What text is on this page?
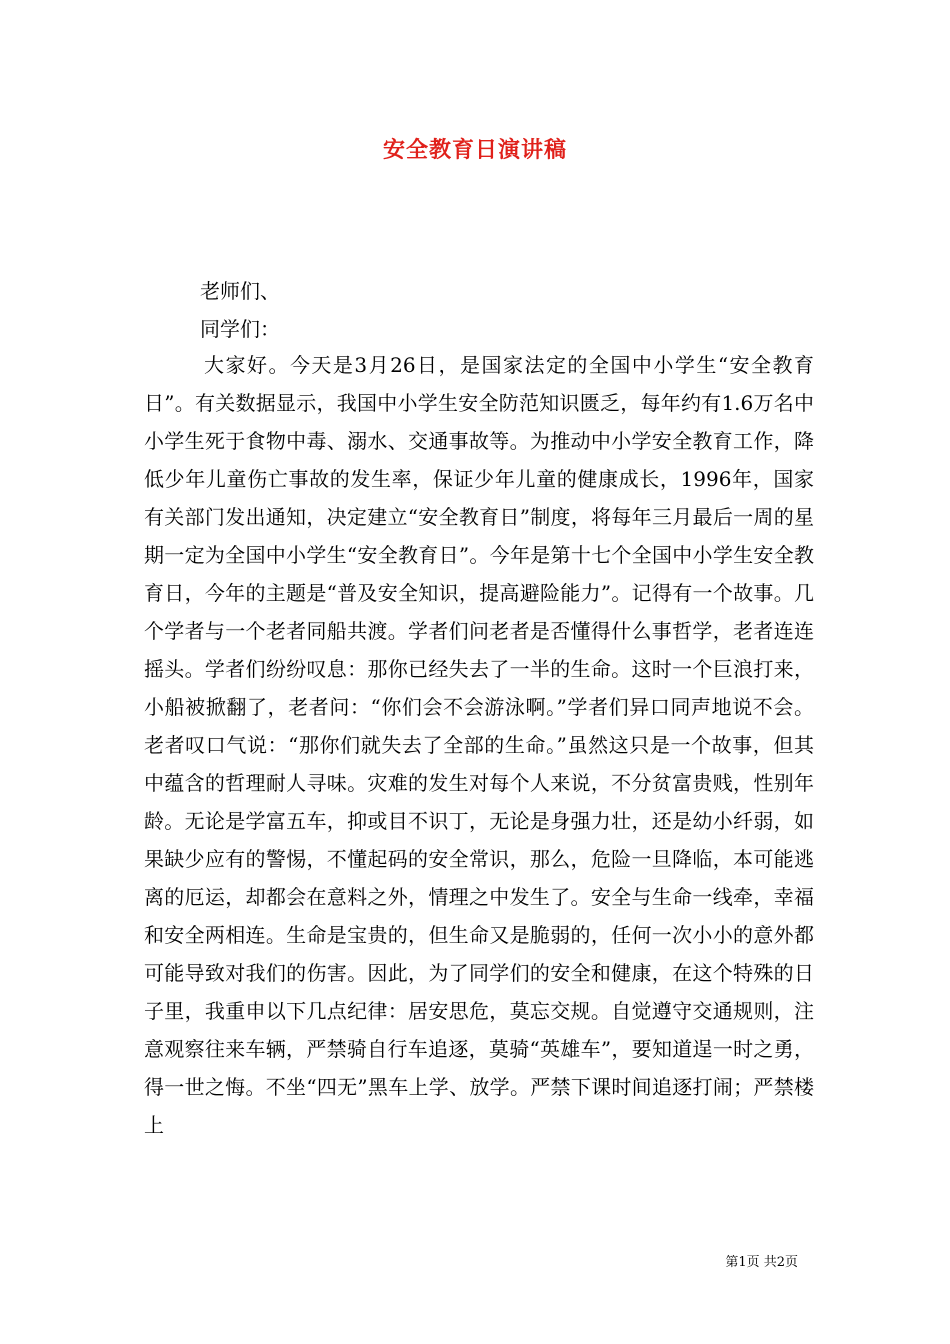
安全教育日演讲稿
老师们、
同学们：
大家好。今天是3月26日，是国家法定的全国中小学生“安全教育日”。有关数据显示，我国中小学生安全防范知识匮乏，每年约有1.6万名中小学生死于食物中毒、溺水、交通事故等。为推动中小学安全教育工作，降低少年儿童伤亡事故的发生率，保证少年儿童的健康成长，1996年，国家有关部门发出通知，决定建立“安全教育日”制度，将每年三月最后一周的星期一定为全国中小学生“安全教育日”。今年是第十七个全国中小学生安全教育日，今年的主题是“普及安全知识，提高避险能力”。记得有一个故事。几个学者与一个老者同船共渡。学者们问老者是否懂得什么事哲学，老者连连摇头。学者们纷纷叹息：那你已经失去了一半的生命。这时一个巨浪打来，小船被掀翻了，老者问：“你们会不会游泳啊。”学者们异口同声地说不会。老者叹口气说：“那你们就失去了全部的生命。”虽然这只是一个故事，但其中蕴含的哲理耐人寻味。灾难的发生对每个人来说，不分贫富贵贱，性别年龄。无论是学富五车，抑或目不识丁，无论是身强力壮，还是幼小纤弱，如果缺少应有的警惕，不懂起码的安全常识，那么，危险一旦降临，本可能逃离的厄运，却都会在意料之外，情理之中发生了。安全与生命一线牵，幸福和安全两相连。生命是宝贵的，但生命又是脆弱的，任何一次小小的意外都可能导致对我们的伤害。因此，为了同学们的安全和健康，在这个特殊的日子里，我重申以下几点纪律：居安思危，莫忘交规。自觉遵守交通规则，注意观察往来车辆，严禁骑自行车追逐，莫骑“英雄车”，要知道逞一时之勇，得一世之悔。不坐“四无”黑车上学、放学。严禁下课时间追逐打闹；严禁楼上
第1页 共2页
